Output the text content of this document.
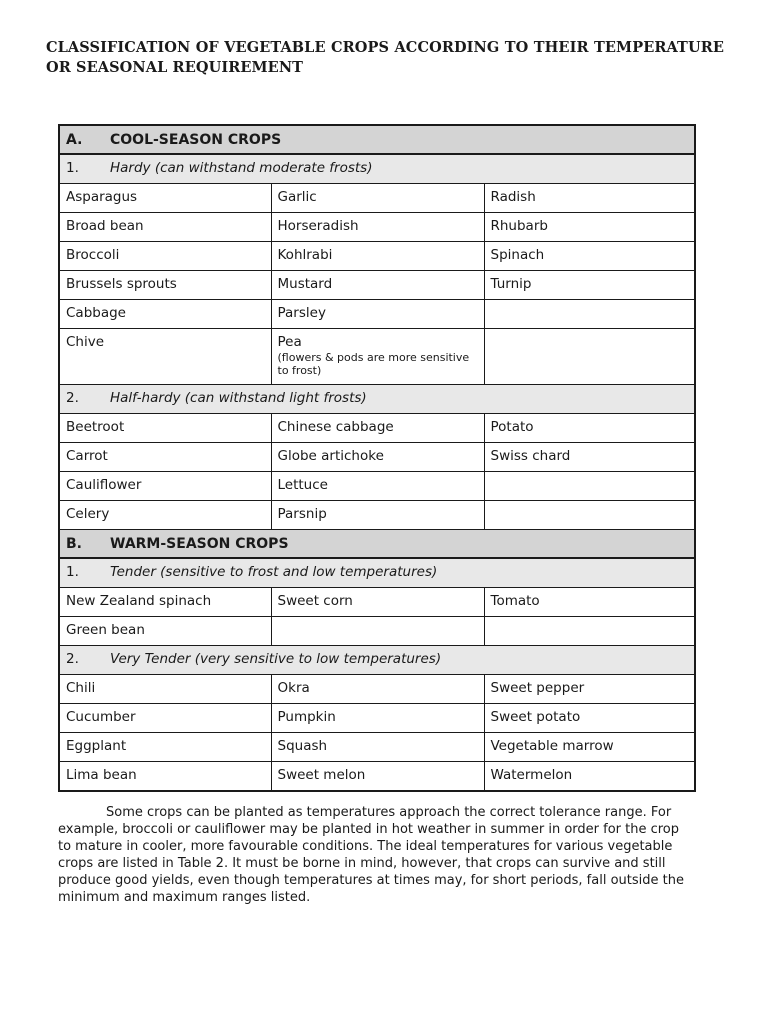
CLASSIFICATION OF VEGETABLE CROPS ACCORDING TO THEIR TEMPERATURE OR SEASONAL REQUIREMENT
A. COOL-SEASON CROPS		
1. Hardy (can withstand moderate frosts)		
Asparagus	Garlic	Radish
Broad bean	Horseradish	Rhubarb
Broccoli	Kohlrabi	Spinach
Brussels sprouts	Mustard	Turnip
Cabbage	Parsley	
Chive	Pea
(flowers & pods are more sensitive to frost)	

2. Half-hardy (can withstand light frosts)		
Beetroot	Chinese cabbage	Potato
Carrot	Globe artichoke	Swiss chard
Cauliflower	Lettuce	
Celery	Parsnip	
B. WARM-SEASON CROPS		
1. Tender (sensitive to frost and low temperatures)		
New Zealand spinach	Sweet corn	Tomato
Green bean		
2. Very Tender (very sensitive to low temperatures)		
Chili	Okra	Sweet pepper
Cucumber	Pumpkin	Sweet potato
Eggplant	Squash	Vegetable marrow
Lima bean	Sweet melon	Watermelon

Some crops can be planted as temperatures approach the correct tolerance range. For example, broccoli or cauliflower may be planted in hot weather in summer in order for the crop to mature in cooler, more favourable conditions. The ideal temperatures for various vegetable crops are listed in Table 2. It must be borne in mind, however, that crops can survive and still produce good yields, even though temperatures at times may, for short periods, fall outside the minimum and maximum ranges listed.
